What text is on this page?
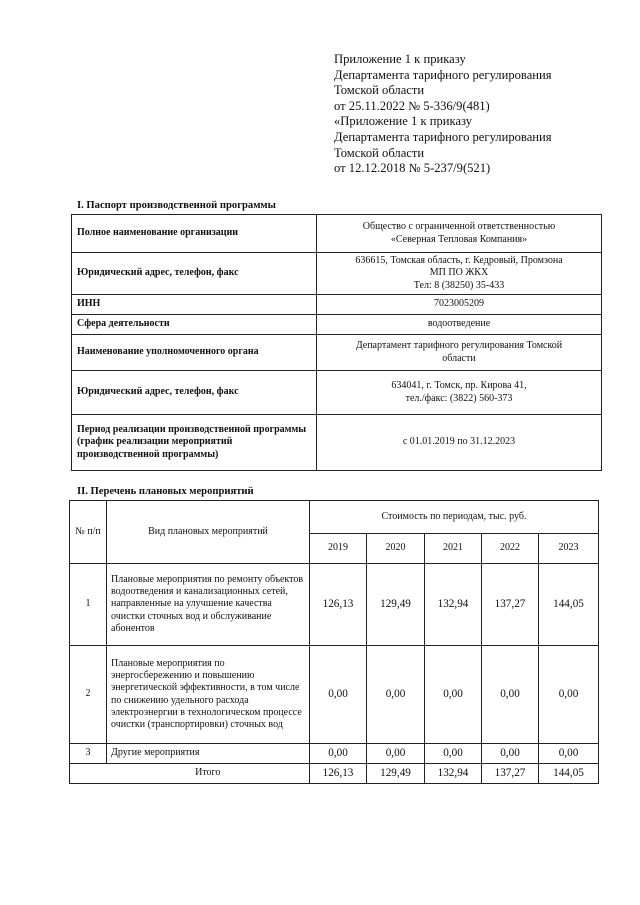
Приложение 1 к приказу
Департамента тарифного регулирования
Томской области
от 25.11.2022 № 5-336/9(481)
«Приложение 1 к приказу
Департамента тарифного регулирования
Томской области
от 12.12.2018 № 5-237/9(521)
I. Паспорт производственной программы
Полное наименование организации	Общество с ограниченной ответственностью
«Северная Тепловая Компания»

Юридический адрес, телефон, факс	636615, Томская область, г. Кедровый, Промзона
МП ПО ЖКХ
Тел: 8 (38250) 35-433

ИНН	7023005209

Сфера деятельности	водоотведение

Наименование уполномоченного органа	Департамент тарифного регулирования Томской
области

Юридический адрес, телефон, факс	634041, г. Томск, пр. Кирова 41,
тел./факс: (3822) 560-373

Период реализации производственной программы (график реализации мероприятий производственной программы)	с 01.01.2019 по 31.12.2023
II. Перечень плановых мероприятий
№ п/п	Вид плановых мероприятий	Стоимость по периодам, тыс. руб.				
		2019	2020	2021	2022	2023
1	Плановые мероприятия по ремонту объектов водоотведения и канализационных сетей, направленные на улучшение качества очистки сточных вод и обслуживание абонентов	126,13	129,49	132,94	137,27	144,05
2	Плановые мероприятия по энергосбережению и повышению энергетической эффективности, в том числе по снижению удельного расхода электроэнергии в технологическом процессе очистки (транспортировки) сточных вод	0,00	0,00	0,00	0,00	0,00
3	Другие мероприятия	0,00	0,00	0,00	0,00	0,00
	Итого	126,13	129,49	132,94	137,27	144,05
